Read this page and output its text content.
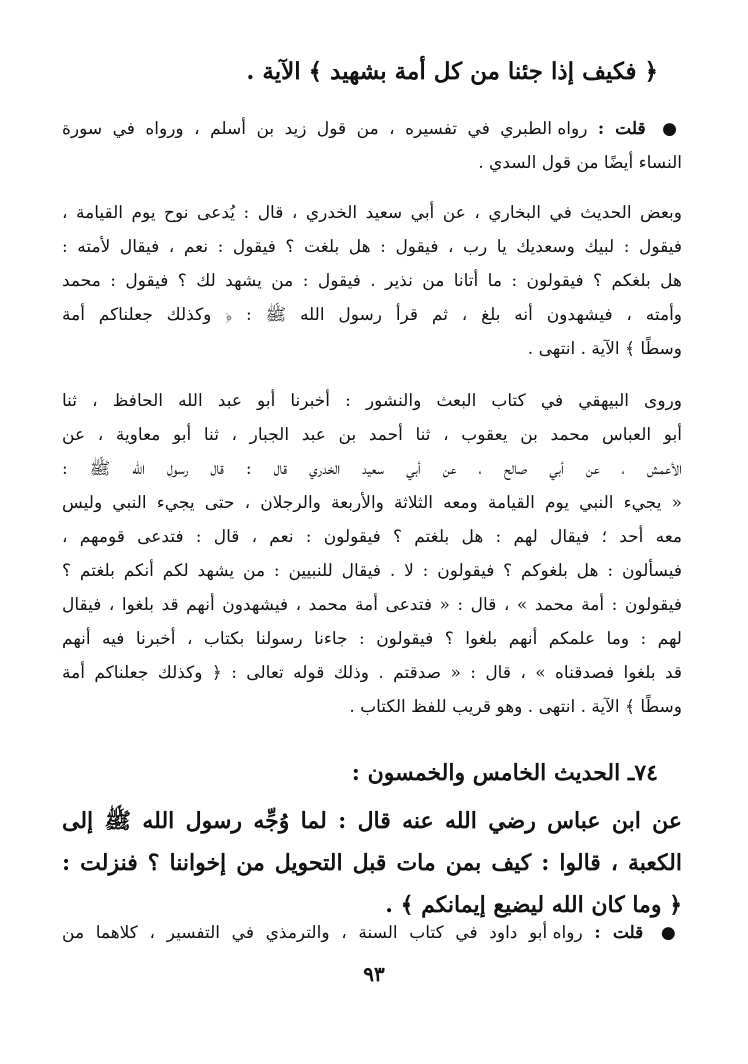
﴿ فكيف إذا جئنا من كل أمة بشهيد ﴾ الآية .
● قلت : رواه الطبري في تفسيره ، من قول زيد بن أسلم ، ورواه في سورة
النساء أيضًا من قول السدي .
وبعض الحديث في البخاري ، عن أبي سعيد الخدري ، قال : يُدعى نوح يوم القيامة ،
فيقول : لبيك وسعديك يا رب ، فيقول : هل بلغت ؟ فيقول : نعم ، فيقال لأمته :
هل بلغكم ؟ فيقولون : ما أتانا من نذير . فيقول : من يشهد لك ؟ فيقول : محمد
وأمته ، فيشهدون أنه بلغ ، ثم قرأ رسول الله ﷺ : ﴿ وكذلك جعلناكم أمة
وسطًا ﴾ الآية . انتهى .
وروى البيهقي في كتاب البعث والنشور : أخبرنا أبو عبد الله الحافظ ، ثنا
أبو العباس محمد بن يعقوب ، ثنا أحمد بن عبد الجبار ، ثنا أبو معاوية ، عن
الأعمش ، عن أبي صالح ، عن أبي سعيد الخدري قال : قال رسول الله ﷺ :
« يجيء النبي يوم القيامة ومعه الثلاثة والأربعة والرجلان ، حتى يجيء النبي وليس
معه أحد ؛ فيقال لهم : هل بلغتم ؟ فيقولون : نعم ، قال : فتدعى قومهم ،
فيسألون : هل بلغوكم ؟ فيقولون : لا . فيقال للنبيين : من يشهد لكم أنكم بلغتم ؟
فيقولون : أمة محمد » ، قال : « فتدعى أمة محمد ، فيشهدون أنهم قد بلغوا ، فيقال
لهم : وما علمكم أنهم بلغوا ؟ فيقولون : جاءنا رسولنا بكتاب ، أخبرنا فيه أنهم
قد بلغوا فصدقناه » ، قال : « صدقتم . وذلك قوله تعالى : ﴿ وكذلك جعلناكم أمة
وسطًا ﴾ الآية . انتهى . وهو قريب للفظ الكتاب .
٧٤ـ الحديث الخامس والخمسون :
عن ابن عباس رضي الله عنه قال : لما وُجِّه رسول الله ﷺ إلى
الكعبة ، قالوا : كيف بمن مات قبل التحويل من إخواننا ؟ فنزلت :
﴿ وما كان الله ليضيع إيمانكم ﴾ .
● قلت : رواه أبو داود في كتاب السنة ، والترمذي في التفسير ، كلاهما من
٩٣
